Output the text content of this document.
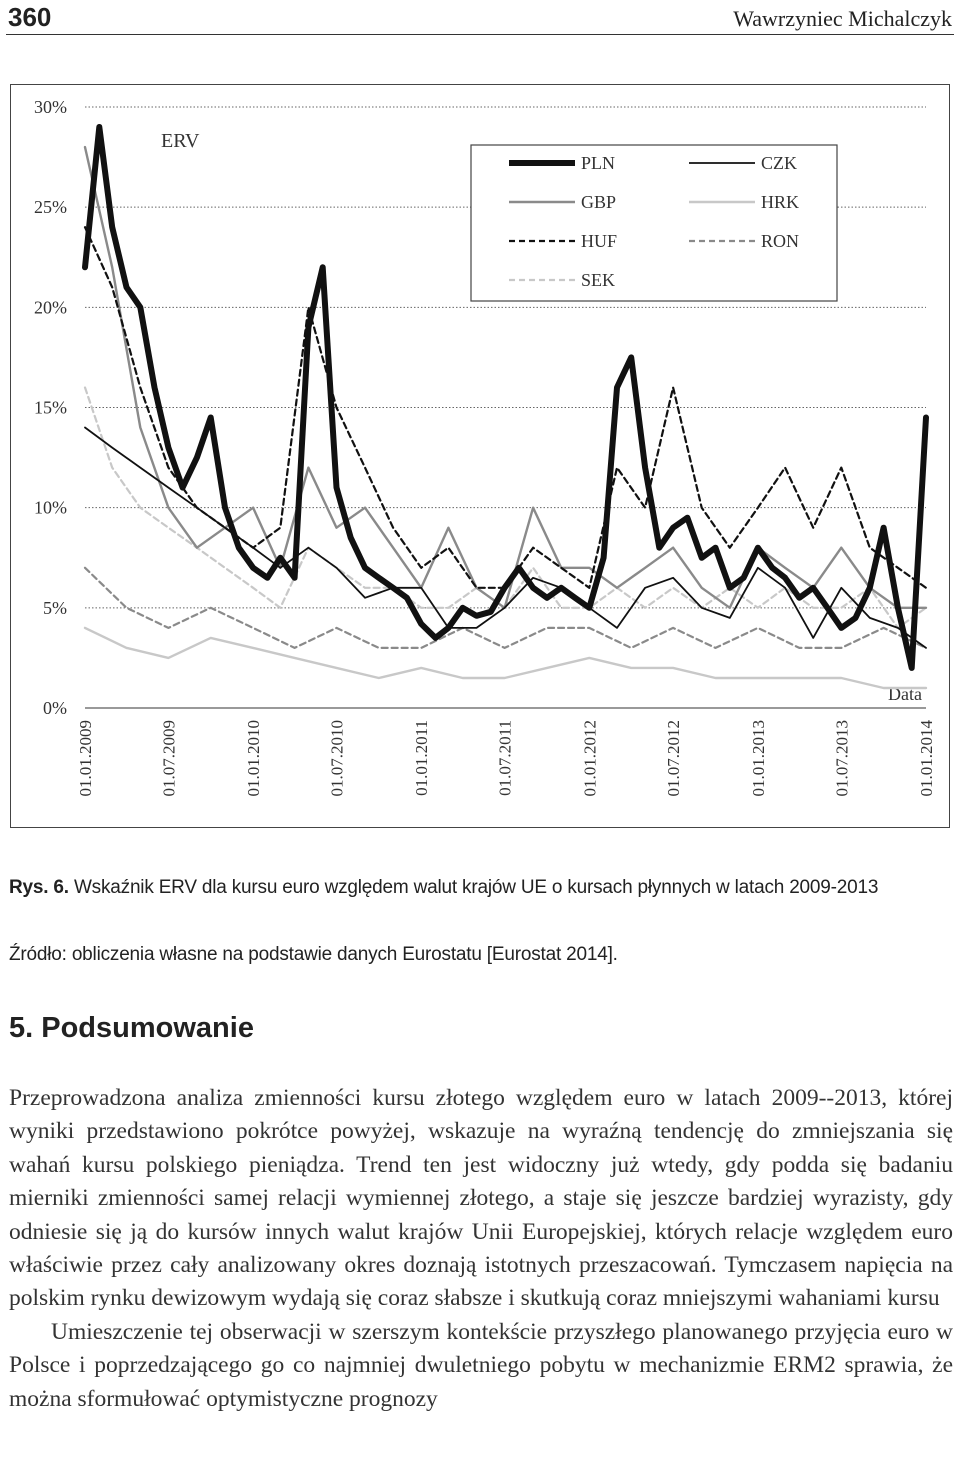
360	Wawrzyniec Michalczyk
0%
5%
10%
15%
20%
25%
30%
01.01.2009	01.07.2009	01.01.2010	01.07.2010	01.01.2011	01.07.2011	01.01.2012	01.07.2012	01.01.2013	01.07.2013	01.01.2014
Data
ERV
PLN
GBP
HUF
SEK
CZK
HRK
RON
Rys. 6. Wskaźnik ERV dla kursu euro względem walut krajów UE o kursach płynnych w latach 2009-2013
Źródło: obliczenia własne na podstawie danych Eurostatu [Eurostat 2014].
5. Podsumowanie

Przeprowadzona analiza zmienności kursu złotego względem euro w latach 2009--2013, której wyniki przedstawiono pokrótce powyżej, wskazuje na wyraźną tendencję do zmniejszania się wahań kursu polskiego pieniądza. Trend ten jest widoczny już wtedy, gdy podda się badaniu mierniki zmienności samej relacji wymiennej złotego, a staje się jeszcze bardziej wyrazisty, gdy odniesie się ją do kursów innych walut krajów Unii Europejskiej, których relacje względem euro właściwie przez cały analizowany okres doznają istotnych przeszacowań. Tymczasem napięcia na polskim rynku dewizowym wydają się coraz słabsze i skutkują coraz mniejszymi wahaniami kursu

Umieszczenie tej obserwacji w szerszym kontekście przyszłego planowanego przyjęcia euro w Polsce i poprzedzającego go co najmniej dwuletniego pobytu w mechanizmie ERM2 sprawia, że można sformułować optymistyczne prognozy
